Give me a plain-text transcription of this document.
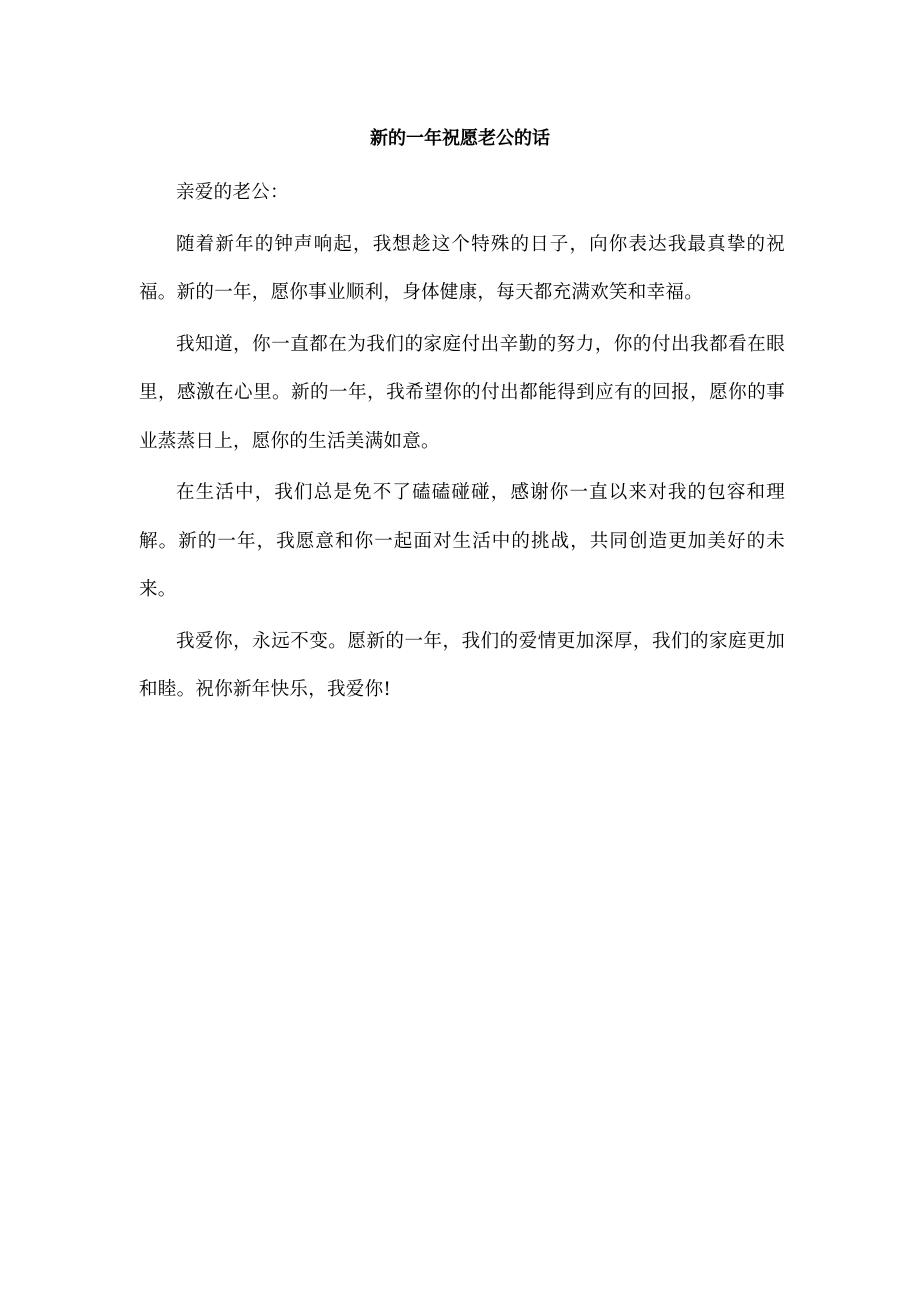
新的一年祝愿老公的话

亲爱的老公：

随着新年的钟声响起，我想趁这个特殊的日子，向你表达我最真挚的祝福。新的一年，愿你事业顺利，身体健康，每天都充满欢笑和幸福。

我知道，你一直都在为我们的家庭付出辛勤的努力，你的付出我都看在眼里，感激在心里。新的一年，我希望你的付出都能得到应有的回报，愿你的事业蒸蒸日上，愿你的生活美满如意。

在生活中，我们总是免不了磕磕碰碰，感谢你一直以来对我的包容和理解。新的一年，我愿意和你一起面对生活中的挑战，共同创造更加美好的未来。

我爱你，永远不变。愿新的一年，我们的爱情更加深厚，我们的家庭更加和睦。祝你新年快乐，我爱你!
